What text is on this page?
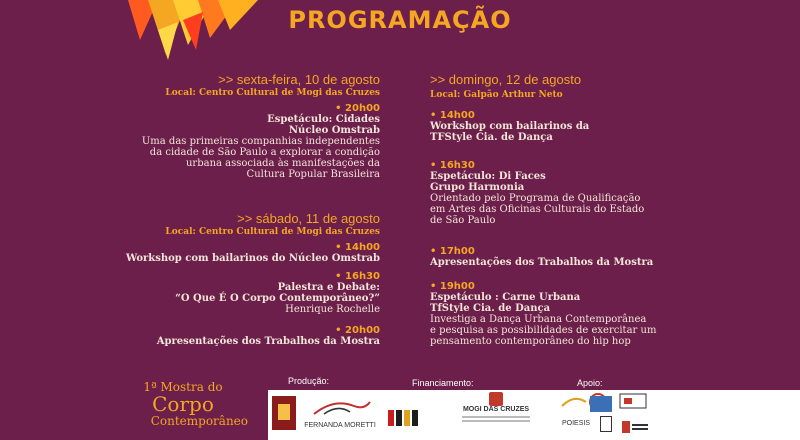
PROGRAMAÇÃO
>> sexta-feira, 10 de agosto
Local: Centro Cultural de Mogi das Cruzes
• 20h00
Espetáculo: Cidades
Núcleo Omstrab
Uma das primeiras companhias independentes
da cidade de São Paulo a explorar a condição
urbana associada às manifestações da
Cultura Popular Brasileira
>> sábado, 11 de agosto
Local: Centro Cultural de Mogi das Cruzes
• 14h00
Workshop com bailarinos do Núcleo Omstrab
• 16h30
Palestra e Debate:
“O Que É O Corpo Contemporâneo?”
Henrique Rochelle
• 20h00
Apresentações dos Trabalhos da Mostra
>> domingo, 12 de agosto
Local: Galpão Arthur Neto
• 14h00
Workshop com bailarinos da
TFStyle Cia. de Dança
• 16h30
Espetáculo: Di Faces
Grupo Harmonia
Orientado pelo Programa de Qualificação
em Artes das Oficinas Culturais do Estado
de São Paulo
• 17h00
Apresentações dos Trabalhos da Mostra
• 19h00
Espetáculo : Carne Urbana
TfStyle Cia. de Dança
Investiga a Dança Urbana Contemporânea
e pesquisa as possibilidades de exercitar um
pensamento contemporâneo do hip hop
1ª Mostra do
Corpo
Contemporâneo
Produção:	Financiamento:	Apoio:
FERNANDA MORETTI
MOGI DAS CRUZES
POIESIS
